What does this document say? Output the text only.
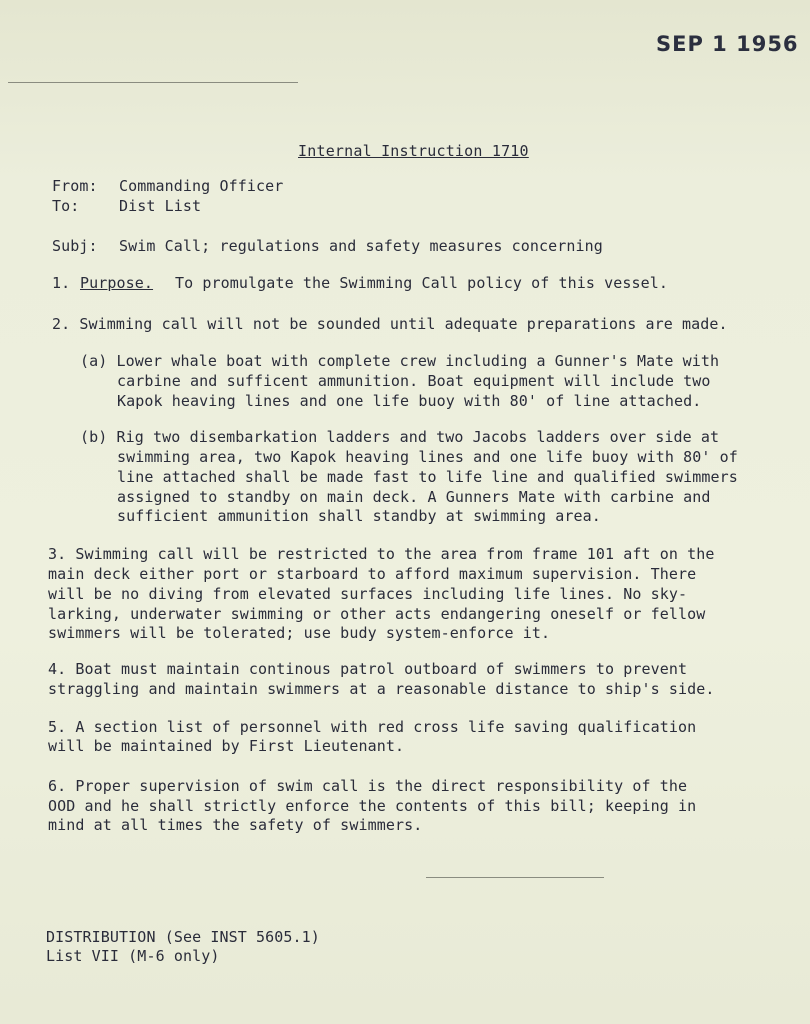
SEP 1 1956
Internal Instruction 1710
From: Commanding Officer
To:	Dist List
Subj: Swim Call; regulations and safety measures concerning
1. Purpose. To promulgate the Swimming Call policy of this vessel.
2. Swimming call will not be sounded until adequate preparations are made.
(a) Lower whale boat with complete crew including a Gunner's Mate with
carbine and sufficent ammunition. Boat equipment will include two
Kapok heaving lines and one life buoy with 80' of line attached.
(b) Rig two disembarkation ladders and two Jacobs ladders over side at
swimming area, two Kapok heaving lines and one life buoy with 80' of
line attached shall be made fast to life line and qualified swimmers
assigned to standby on main deck. A Gunners Mate with carbine and
sufficient ammunition shall standby at swimming area.
3. Swimming call will be restricted to the area from frame 101 aft on the
main deck either port or starboard to afford maximum supervision. There
will be no diving from elevated surfaces including life lines. No sky-
larking, underwater swimming or other acts endangering oneself or fellow
swimmers will be tolerated; use budy system-enforce it.
4. Boat must maintain continous patrol outboard of swimmers to prevent
straggling and maintain swimmers at a reasonable distance to ship's side.
5. A section list of personnel with red cross life saving qualification
will be maintained by First Lieutenant.
6. Proper supervision of swim call is the direct responsibility of the
OOD and he shall strictly enforce the contents of this bill; keeping in
mind at all times the safety of swimmers.
DISTRIBUTION (See INST 5605.1)
List VII (M-6 only)
